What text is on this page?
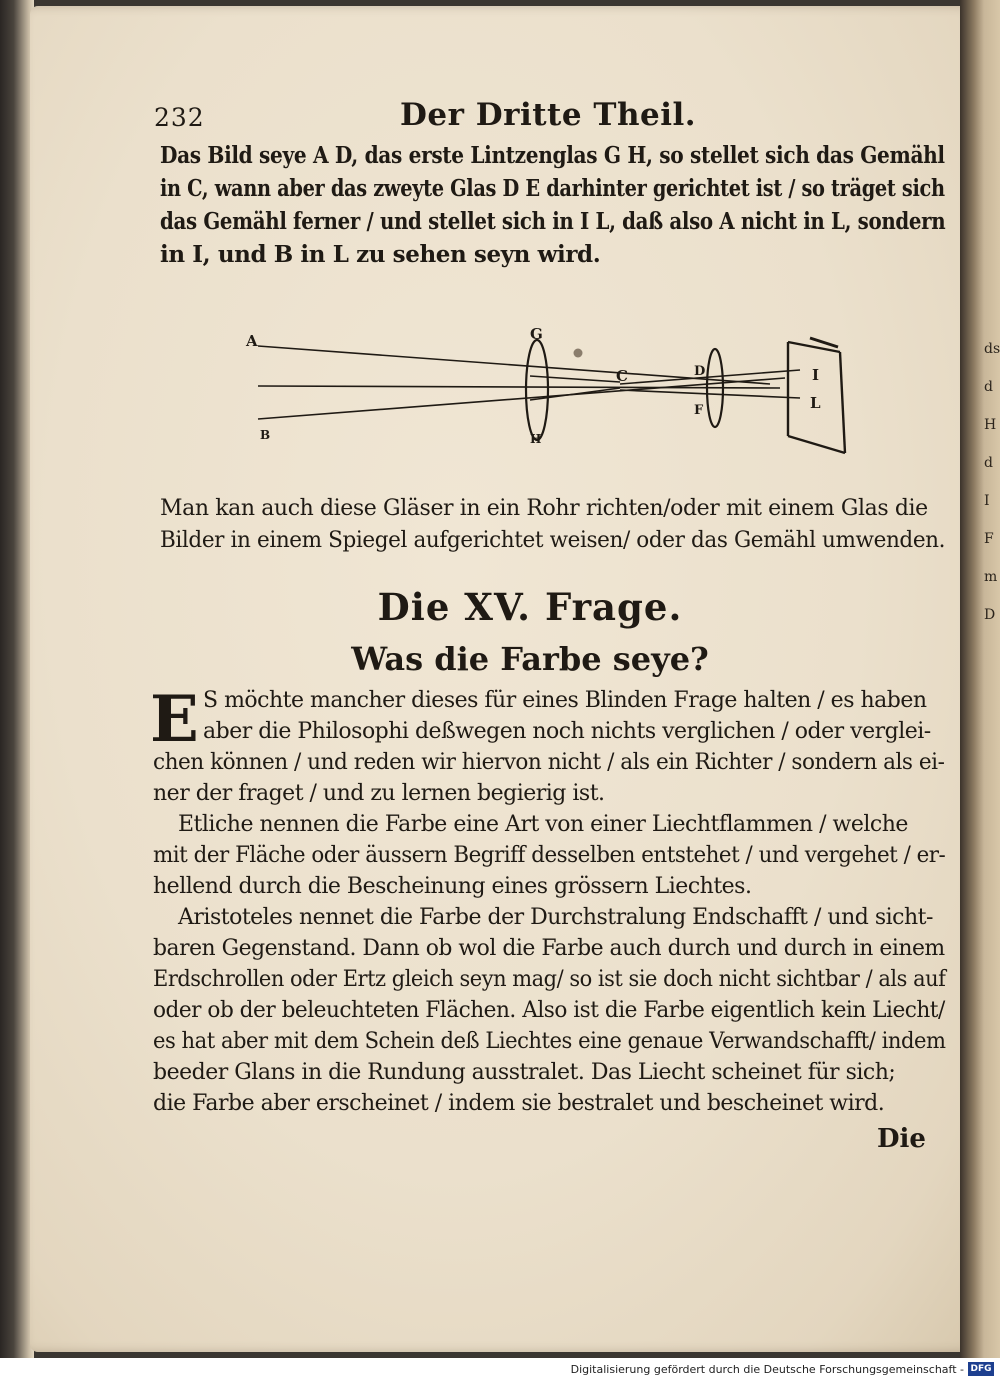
ds
d
H
d
I
F
m
D
232	Der Dritte Theil.
Das Bild seye A D, das erste Lintzenglas G H, so stellet sich das Gemähl
in C, wann aber das zweyte Glas D E darhinter gerichtet ist / so träget sich
das Gemähl ferner / und stellet sich in I L, daß also A nicht in L, sondern
in I, und B in L zu sehen seyn wird.
A
B
G
H
C	D
F
I
L
Man kan auch diese Gläser in ein Rohr richten/oder mit einem Glas die
Bilder in einem Spiegel aufgerichtet weisen/ oder das Gemähl umwenden.
Die XV. Frage.
Was die Farbe seye?
E S möchte mancher dieses für eines Blinden Frage halten / es haben
aber die Philosophi deßwegen noch nichts verglichen / oder verglei-
chen können / und reden wir hiervon nicht / als ein Richter / sondern als ei-
ner der fraget / und zu lernen begierig ist.
Etliche nennen die Farbe eine Art von einer Liechtflammen / welche
mit der Fläche oder äussern Begriff desselben entstehet / und vergehet / er-
hellend durch die Bescheinung eines grössern Liechtes.
Aristoteles nennet die Farbe der Durchstralung Endschafft / und sicht-
baren Gegenstand. Dann ob wol die Farbe auch durch und durch in einem
Erdschrollen oder Ertz gleich seyn mag/ so ist sie doch nicht sichtbar / als auf
oder ob der beleuchteten Flächen. Also ist die Farbe eigentlich kein Liecht/
es hat aber mit dem Schein deß Liechtes eine genaue Verwandschafft/ indem
beeder Glans in die Rundung ausstralet. Das Liecht scheinet für sich;
die Farbe aber erscheinet / indem sie bestralet und bescheinet wird.
Die
Digitalisierung gefördert durch die Deutsche Forschungsgemeinschaft - DFG
